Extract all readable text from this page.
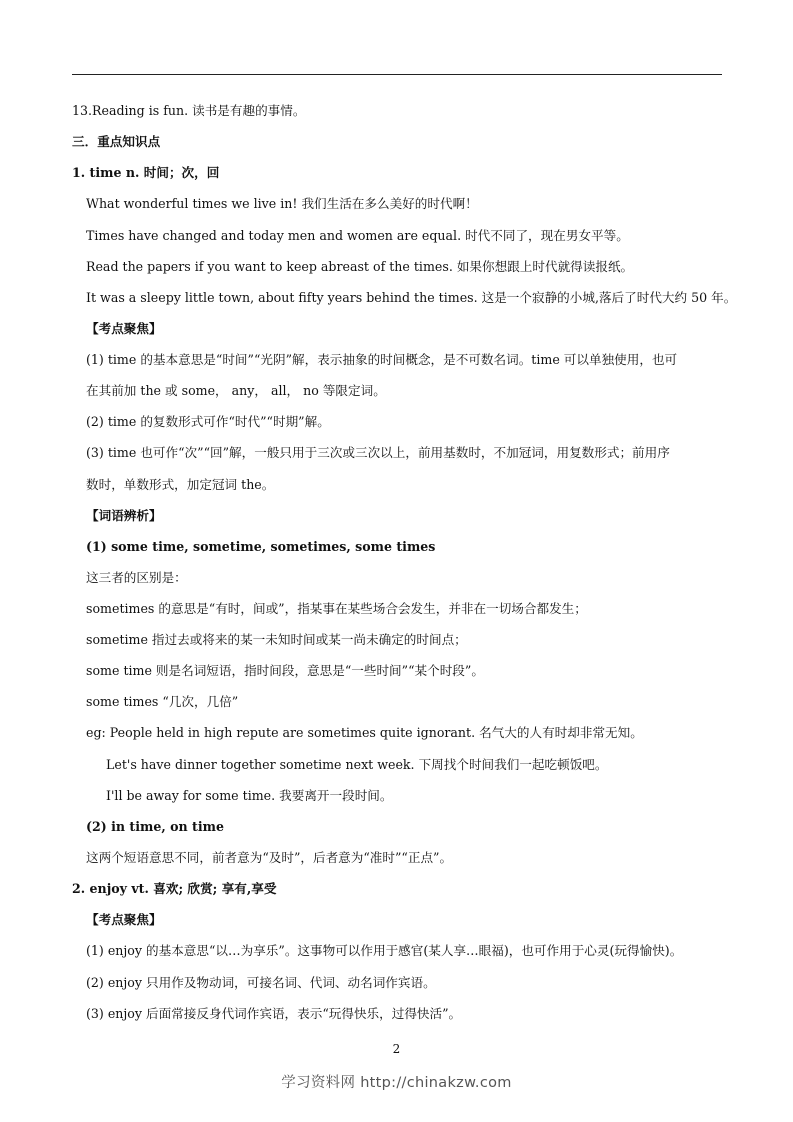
13.Reading is fun. 读书是有趣的事情。
三．重点知识点
1. time n. 时间；次，回
What wonderful times we live in! 我们生活在多么美好的时代啊！
Times have changed and today men and women are equal. 时代不同了，现在男女平等。
Read the papers if you want to keep abreast of the times. 如果你想跟上时代就得读报纸。
It was a sleepy little town, about fifty years behind the times. 这是一个寂静的小城,落后了时代大约 50 年。
【考点聚焦】
(1) time 的基本意思是“时间”“光阴”解，表示抽象的时间概念，是不可数名词。time 可以单独使用，也可
在其前加 the 或 some， any， all， no 等限定词。
(2) time 的复数形式可作“时代”“时期”解。
(3) time 也可作“次”“回”解，一般只用于三次或三次以上，前用基数时，不加冠词，用复数形式；前用序
数时，单数形式，加定冠词 the。
【词语辨析】
(1) some time, sometime, sometimes, some times
这三者的区别是：
sometimes 的意思是“有时，间或”，指某事在某些场合会发生，并非在一切场合都发生；
sometime 指过去或将来的某一未知时间或某一尚未确定的时间点；
some time 则是名词短语，指时间段，意思是“一些时间”“某个时段”。
some times “几次，几倍”
eg: People held in high repute are sometimes quite ignorant. 名气大的人有时却非常无知。
Let's have dinner together sometime next week. 下周找个时间我们一起吃顿饭吧。
I'll be away for some time. 我要离开一段时间。
(2) in time, on time
这两个短语意思不同，前者意为“及时”，后者意为“准时”“正点”。
2. enjoy vt. 喜欢; 欣赏; 享有,享受
【考点聚焦】
(1) enjoy 的基本意思“以…为享乐”。这事物可以作用于感官(某人享…眼福)，也可作用于心灵(玩得愉快)。
(2) enjoy 只用作及物动词，可接名词、代词、动名词作宾语。
(3) enjoy 后面常接反身代词作宾语，表示“玩得快乐，过得快活”。
2
学习资料网 http://chinakzw.com
